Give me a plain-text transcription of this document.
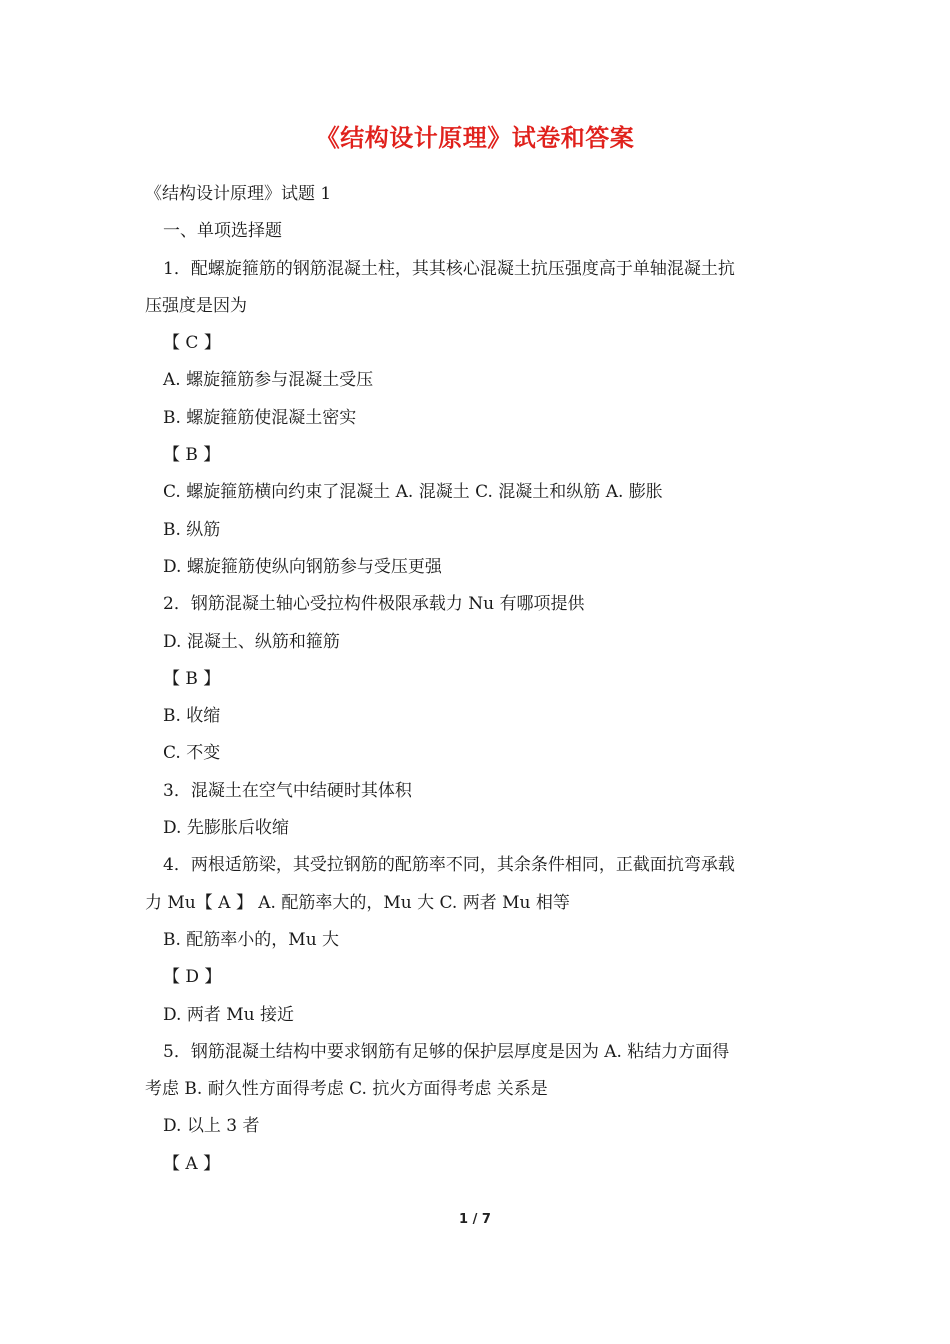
《结构设计原理》试卷和答案
《结构设计原理》试题 1
一、单项选择题
1．配螺旋箍筋的钢筋混凝土柱，其其核心混凝土抗压强度高于单轴混凝土抗
压强度是因为
【 C 】
A. 螺旋箍筋参与混凝土受压
B. 螺旋箍筋使混凝土密实
【 B 】
C. 螺旋箍筋横向约束了混凝土 A. 混凝土 C. 混凝土和纵筋 A. 膨胀
B. 纵筋
D. 螺旋箍筋使纵向钢筋参与受压更强
2．钢筋混凝土轴心受拉构件极限承载力 Nu 有哪项提供
D. 混凝土、纵筋和箍筋
【 B 】
B. 收缩
C. 不变
3．混凝土在空气中结硬时其体积
D. 先膨胀后收缩
4．两根适筋梁，其受拉钢筋的配筋率不同，其余条件相同，正截面抗弯承载
力 Mu【 A 】 A. 配筋率大的，Mu 大 C. 两者 Mu 相等
B. 配筋率小的，Mu 大
【 D 】
D. 两者 Mu 接近
5．钢筋混凝土结构中要求钢筋有足够的保护层厚度是因为 A. 粘结力方面得
考虑 B. 耐久性方面得考虑 C. 抗火方面得考虑 关系是
D. 以上 3 者
【 A 】
1 / 7
